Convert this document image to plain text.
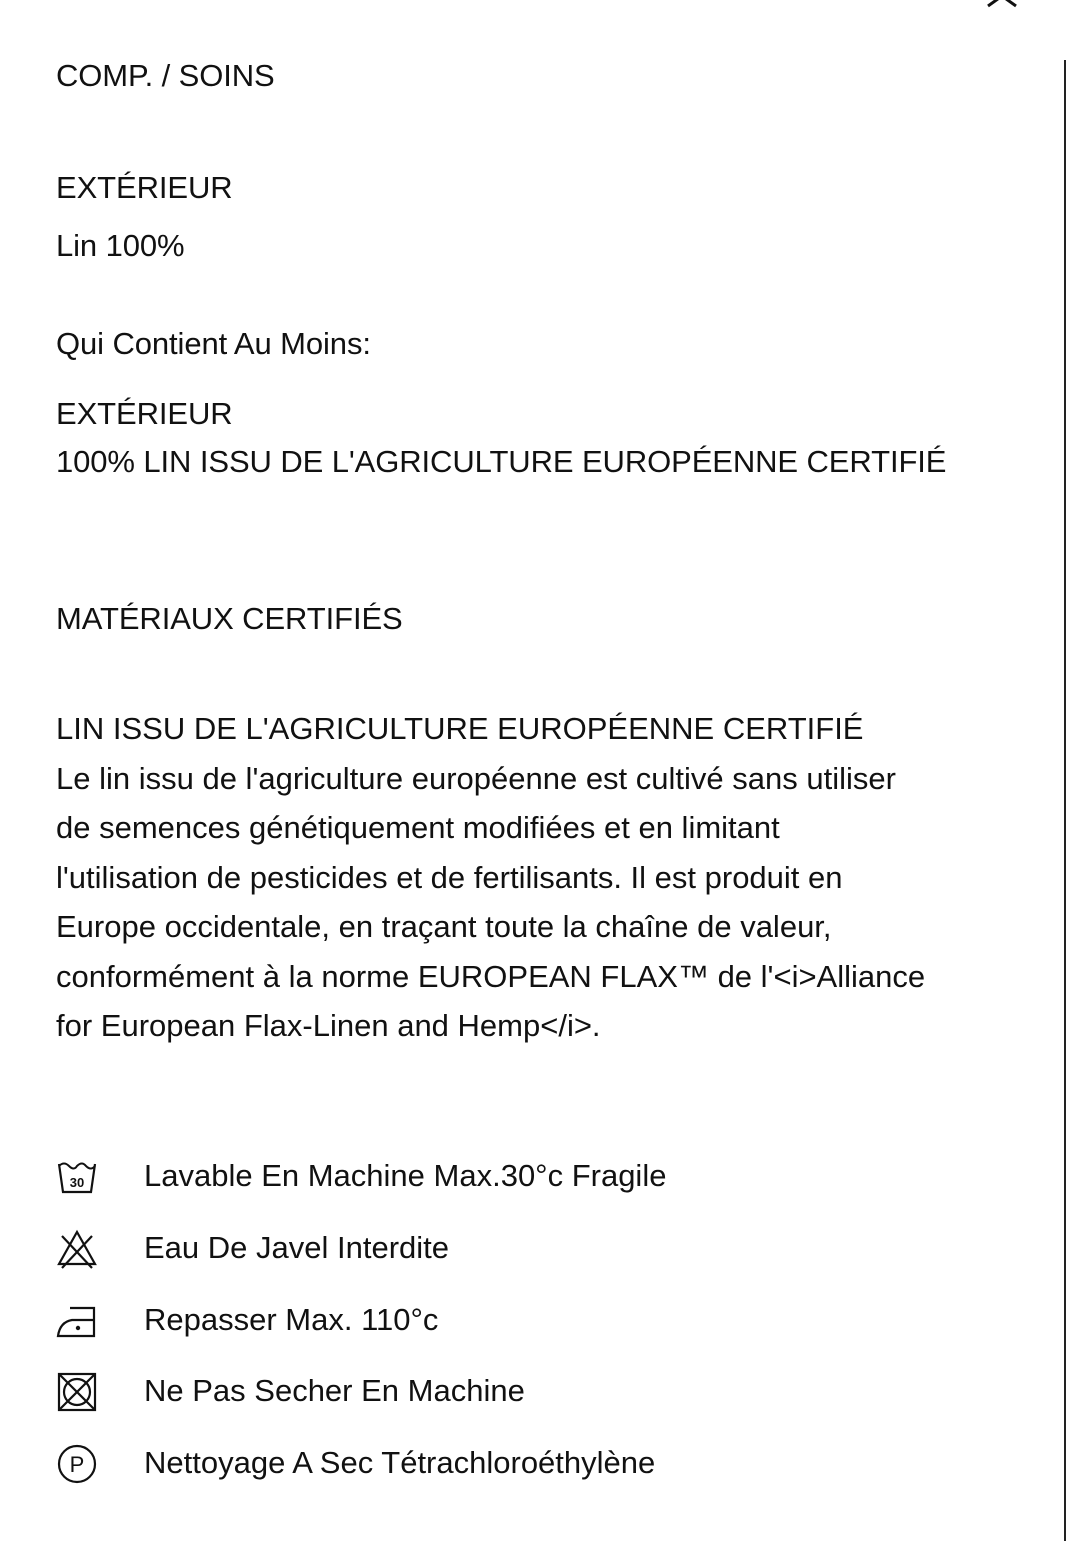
COMP. / SOINS

EXTÉRIEUR

Lin 100%

Qui Contient Au Moins:

EXTÉRIEUR

100% LIN ISSU DE L'AGRICULTURE EUROPÉENNE CERTIFIÉ

MATÉRIAUX CERTIFIÉS

LIN ISSU DE L'AGRICULTURE EUROPÉENNE CERTIFIÉ
Le lin issu de l'agriculture européenne est cultivé sans utiliser
de semences génétiquement modifiées et en limitant
l'utilisation de pesticides et de fertilisants. Il est produit en
Europe occidentale, en traçant toute la chaîne de valeur,
conformément à la norme EUROPEAN FLAX™ de l'<i>Alliance
for European Flax-Linen and Hemp</i>.
30 Lavable En Machine Max.30°c Fragile
Eau De Javel Interdite
Repasser Max. 110°c
Ne Pas Secher En Machine
P Nettoyage A Sec Tétrachloroéthylène
